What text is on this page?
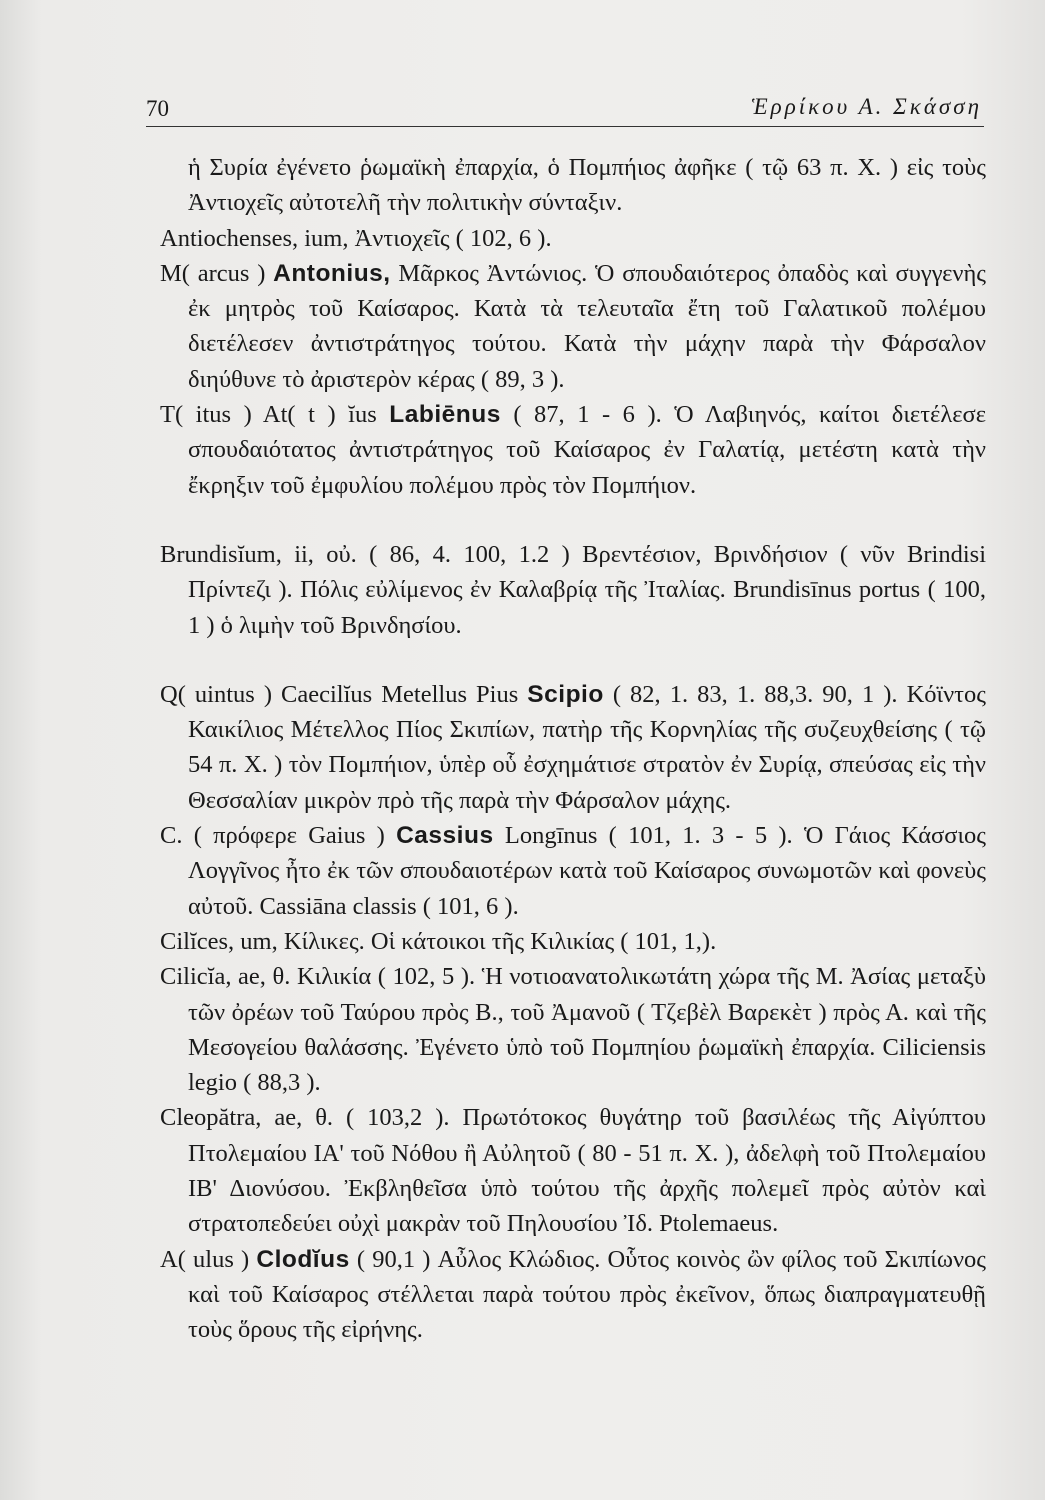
70	Ἑρρίκου Α. Σκάσση

ἡ Συρία ἐγένετο ῥωμαϊκὴ ἐπαρχία, ὁ Πομπήιος ἀφῆκε ( τῷ 63 π. Χ. ) εἰς τοὺς Ἀντιοχεῖς αὐτοτελῆ τὴν πολιτικὴν σύνταξιν.

Antiochenses, ium, Ἀντιοχεῖς ( 102, 6 ).

M( arcus ) Antonius, Μᾶρκος Ἀντώνιος. Ὁ σπουδαιότερος ὀπαδὸς καὶ συγγενὴς ἐκ μητρὸς τοῦ Καίσαρος. Κατὰ τὰ τελευταῖα ἔτη τοῦ Γαλατικοῦ πολέμου διετέλεσεν ἀντιστράτηγος τούτου. Κατὰ τὴν μάχην παρὰ τὴν Φάρσαλον διηύθυνε τὸ ἀριστερὸν κέρας ( 89, 3 ).

T( itus ) At( t ) ĭus Labiēnus ( 87, 1 - 6 ). Ὁ Λαβιηνός, καίτοι διετέλεσε σπουδαιότατος ἀντιστράτηγος τοῦ Καίσαρος ἐν Γαλατίᾳ, μετέστη κατὰ τὴν ἔκρηξιν τοῦ ἐμφυλίου πολέμου πρὸς τὸν Πομπήιον.

Brundisĭum, ii, οὐ. ( 86, 4. 100, 1.2 ) Βρεντέσιον, Βρινδήσιον ( νῦν Brindisi Πρίντεζι ). Πόλις εὐλίμενος ἐν Καλαβρίᾳ τῆς Ἰταλίας. Brundisīnus portus ( 100, 1 ) ὁ λιμὴν τοῦ Βρινδησίου.

Q( uintus ) Caecilĭus Metellus Pius Scipio ( 82, 1. 83, 1. 88,3. 90, 1 ). Κόϊντος Καικίλιος Μέτελλος Πίος Σκιπίων, πατὴρ τῆς Κορνηλίας τῆς συζευχθείσης ( τῷ 54 π. Χ. ) τὸν Πομπήιον, ὑπὲρ οὗ ἐσχημάτισε στρατὸν ἐν Συρίᾳ, σπεύσας εἰς τὴν Θεσσαλίαν μικρὸν πρὸ τῆς παρὰ τὴν Φάρσαλον μάχης.

C. ( πρόφερε Gaius ) Cassius Longīnus ( 101, 1. 3 - 5 ). Ὁ Γάιος Κάσσιος Λογγῖνος ἦτο ἐκ τῶν σπουδαιοτέρων κατὰ τοῦ Καίσαρος συνωμοτῶν καὶ φονεὺς αὐτοῦ. Cassiāna classis ( 101, 6 ).

Cilĭces, um, Κίλικες. Οἱ κάτοικοι τῆς Κιλικίας ( 101, 1,).

Cilicĭa, ae, θ. Κιλικία ( 102, 5 ). Ἡ νοτιοανατολικωτάτη χώρα τῆς Μ. Ἀσίας μεταξὺ τῶν ὀρέων τοῦ Ταύρου πρὸς Β., τοῦ Ἀμανοῦ ( Τζεβὲλ Βαρεκὲτ ) πρὸς Α. καὶ τῆς Μεσογείου θαλάσσης. Ἐγένετο ὑπὸ τοῦ Πομπηίου ῥωμαϊκὴ ἐπαρχία. Ciliciensis legio ( 88,3 ).

Cleopătra, ae, θ. ( 103,2 ). Πρωτότοκος θυγάτηρ τοῦ βασιλέως τῆς Αἰγύπτου Πτολεμαίου ΙΑ' τοῦ Νόθου ἢ Αὐλητοῦ ( 80 - 51 π. Χ. ), ἀδελφὴ τοῦ Πτολεμαίου ΙΒ' Διονύσου. Ἐκβληθεῖσα ὑπὸ τούτου τῆς ἀρχῆς πολεμεῖ πρὸς αὐτὸν καὶ στρατοπεδεύει οὐχὶ μακρὰν τοῦ Πηλουσίου Ἰδ. Ptolemaeus.

A( ulus ) Clodĭus ( 90,1 ) Αὖλος Κλώδιος. Οὗτος κοινὸς ὢν φίλος τοῦ Σκιπίωνος καὶ τοῦ Καίσαρος στέλλεται παρὰ τούτου πρὸς ἐκεῖνον, ὅπως διαπραγματευθῇ τοὺς ὅρους τῆς εἰρήνης.
